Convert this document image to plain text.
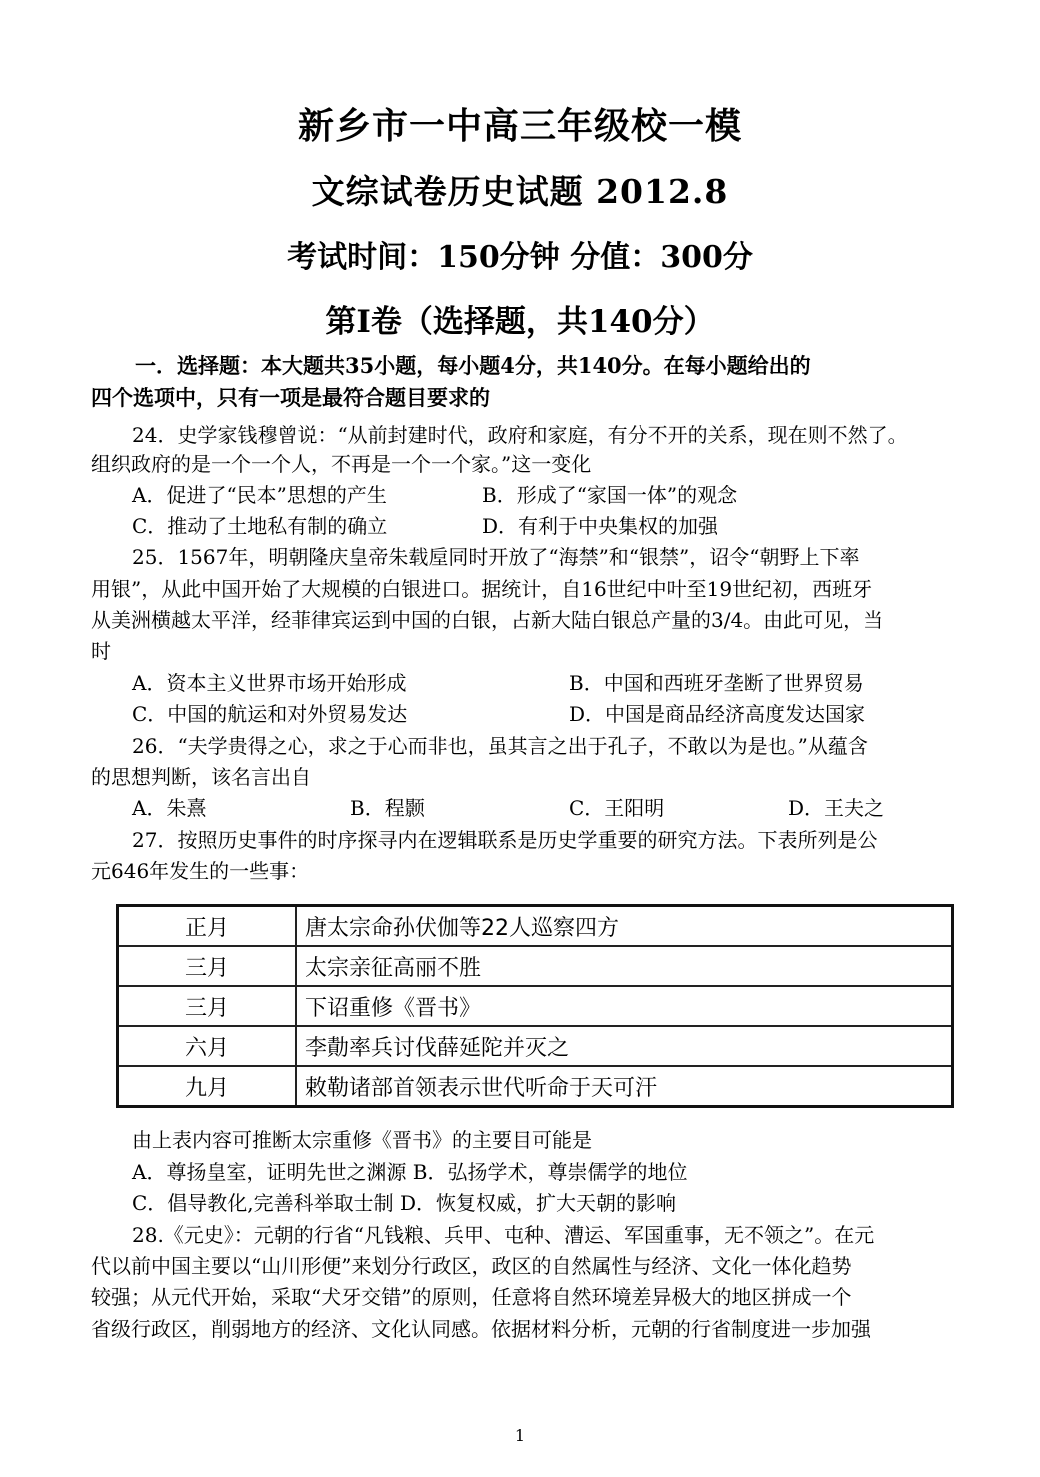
新乡市一中高三年级校一模
文综试卷历史试题 2012.8
考试时间：150分钟 分值：300分
第Ⅰ卷（选择题，共140分）
一．选择题：本大题共35小题，每小题4分，共140分。在每小题给出的
四个选项中，只有一项是最符合题目要求的
24．史学家钱穆曾说：“从前封建时代，政府和家庭，有分不开的关系，现在则不然了。
组织政府的是一个一个人，不再是一个一个家。”这一变化
A．促进了“民本”思想的产生	B．形成了“家国一体”的观念
C．推动了土地私有制的确立	D．有利于中央集权的加强
25．1567年，明朝隆庆皇帝朱载垕同时开放了“海禁”和“银禁”，诏令“朝野上下率
用银”，从此中国开始了大规模的白银进口。据统计，自16世纪中叶至19世纪初，西班牙
从美洲横越太平洋，经菲律宾运到中国的白银，占新大陆白银总产量的3/4。由此可见，当
时
A．资本主义世界市场开始形成	B．中国和西班牙垄断了世界贸易
C．中国的航运和对外贸易发达	D．中国是商品经济高度发达国家
26．“夫学贵得之心，求之于心而非也，虽其言之出于孔子，不敢以为是也。”从蕴含
的思想判断，该名言出自
A．朱熹	B．程颢	C．王阳明	D．王夫之
27．按照历史事件的时序探寻内在逻辑联系是历史学重要的研究方法。下表所列是公
元646年发生的一些事：
正月	唐太宗命孙伏伽等22人巡察四方
三月	太宗亲征高丽不胜
三月	下诏重修《晋书》
六月	李勣率兵讨伐薛延陀并灭之
九月	敕勒诸部首领表示世代听命于天可汗
由上表内容可推断太宗重修《晋书》的主要目可能是
A．尊扬皇室，证明先世之渊源 B．弘扬学术，尊崇儒学的地位
C．倡导教化,完善科举取士制 D．恢复权威，扩大天朝的影响
28.《元史》：元朝的行省“凡钱粮、兵甲、屯种、漕运、军国重事，无不领之”。在元
代以前中国主要以“山川形便”来划分行政区，政区的自然属性与经济、文化一体化趋势
较强；从元代开始，采取“犬牙交错”的原则，任意将自然环境差异极大的地区拼成一个
省级行政区，削弱地方的经济、文化认同感。依据材料分析，元朝的行省制度进一步加强
1
